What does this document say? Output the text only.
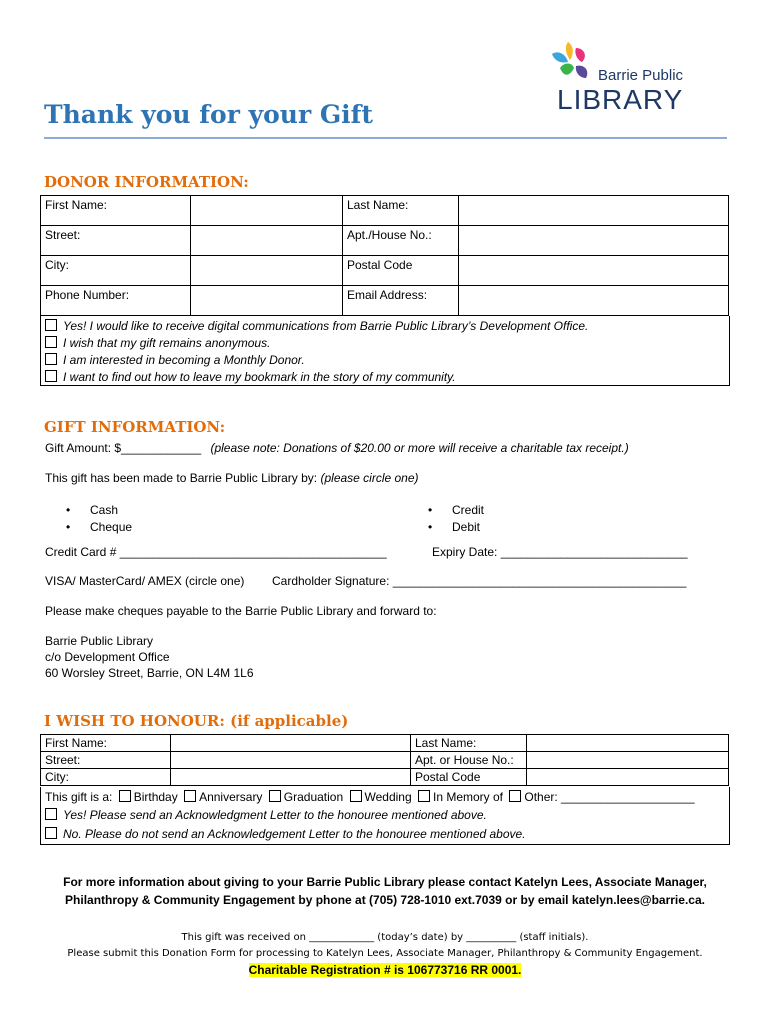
Barrie Public
LIBRARY
Thank you for your Gift
DONOR INFORMATION:
First Name:		Last Name:	
Street:		Apt./House No.:	
City:		Postal Code	
Phone Number:		Email Address:	
Yes! I would like to receive digital communications from Barrie Public Library’s Development Office.
I wish that my gift remains anonymous.
I am interested in becoming a Monthly Donor.
I want to find out how to leave my bookmark in the story of my community.
GIFT INFORMATION:
Gift Amount: $____________ (please note: Donations of $20.00 or more will receive a charitable tax receipt.)
This gift has been made to Barrie Public Library by: (please circle one)
• Cash
• Cheque
• Credit
• Debit
Credit Card # ________________________________________	Expiry Date: ____________________________
VISA/ MasterCard/ AMEX (circle one) Cardholder Signature: ____________________________________________
Please make cheques payable to the Barrie Public Library and forward to:
Barrie Public Library
c/o Development Office
60 Worsley Street, Barrie, ON L4M 1L6
I WISH TO HONOUR: (if applicable)
First Name:		Last Name:	
Street:		Apt. or House No.:	
City:		Postal Code	
This gift is a: Birthday Anniversary Graduation Wedding In Memory of Other: ____________________
Yes! Please send an Acknowledgment Letter to the honouree mentioned above.
No. Please do not send an Acknowledgement Letter to the honouree mentioned above.
For more information about giving to your Barrie Public Library please contact Katelyn Lees, Associate Manager,
Philanthropy & Community Engagement by phone at (705) 728-1010 ext.7039 or by email katelyn.lees@barrie.ca.
This gift was received on _____________ (today’s date) by __________ (staff initials).
Please submit this Donation Form for processing to Katelyn Lees, Associate Manager, Philanthropy & Community Engagement.
Charitable Registration # is 106773716 RR 0001.
